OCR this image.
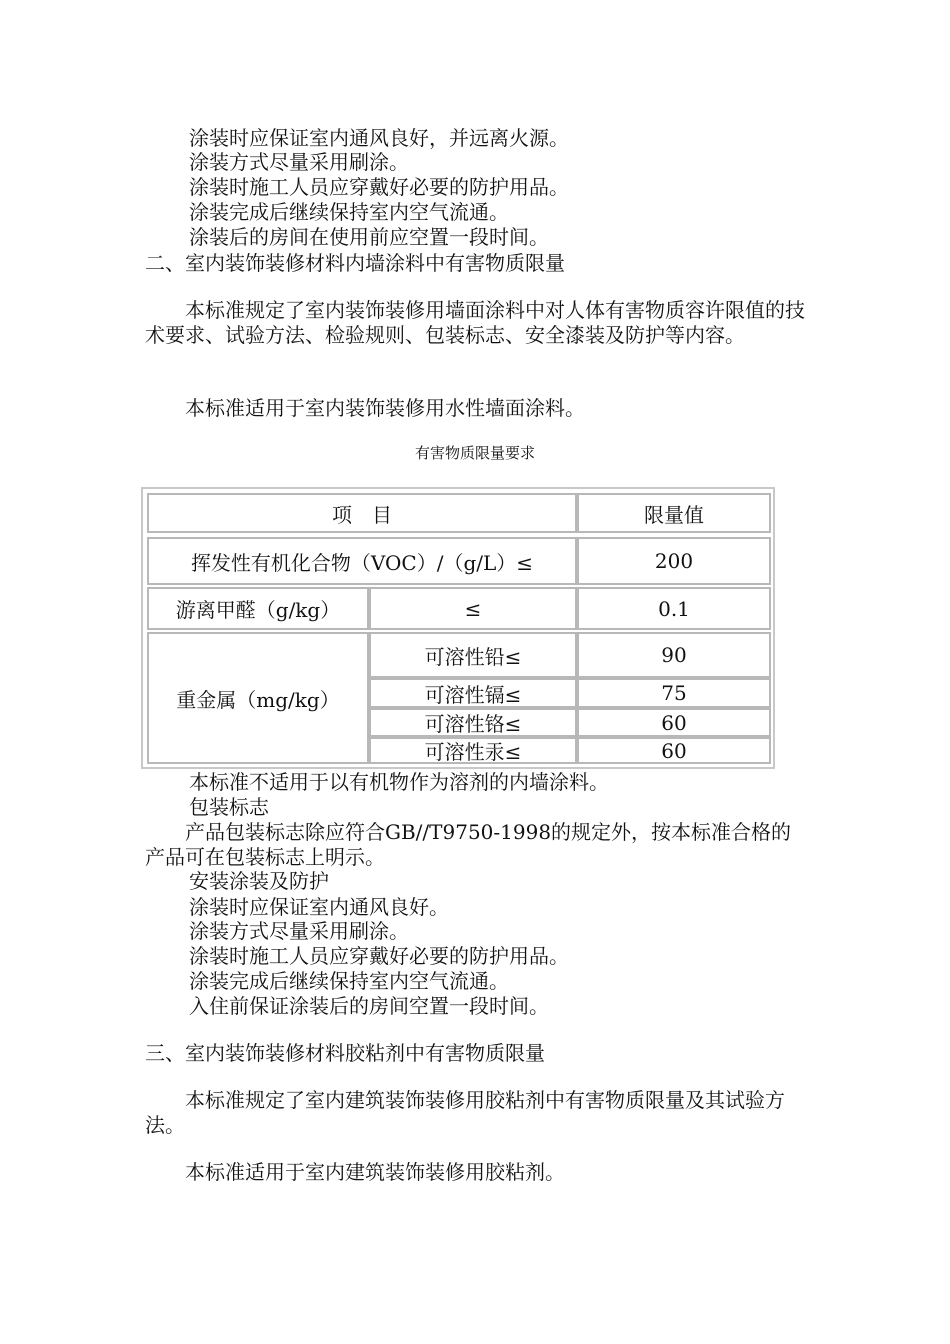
涂装时应保证室内通风良好，并远离火源。
涂装方式尽量采用刷涂。
涂装时施工人员应穿戴好必要的防护用品。
涂装完成后继续保持室内空气流通。
涂装后的房间在使用前应空置一段时间。
二、室内装饰装修材料内墙涂料中有害物质限量
　　本标准规定了室内装饰装修用墙面涂料中对人体有害物质容许限值的技术要求、试验方法、检验规则、包装标志、安全漆装及防护等内容。
　　本标准适用于室内装饰装修用水性墙面涂料。
有害物质限量要求
项　目	限量值
挥发性有机化合物（VOC）/（g/L）≤	200
游离甲醛（g/kg）	≤	0.1
重金属（mg/kg）
可溶性铅≤	90
可溶性镉≤	75
可溶性铬≤	60
可溶性汞≤	60
本标准不适用于以有机物作为溶剂的内墙涂料。
包装标志
　　产品包装标志除应符合GB//T9750-1998的规定外，按本标准合格的产品可在包装标志上明示。
安装涂装及防护
涂装时应保证室内通风良好。
涂装方式尽量采用刷涂。
涂装时施工人员应穿戴好必要的防护用品。
涂装完成后继续保持室内空气流通。
入住前保证涂装后的房间空置一段时间。
三、室内装饰装修材料胶粘剂中有害物质限量
　　本标准规定了室内建筑装饰装修用胶粘剂中有害物质限量及其试验方法。
　　本标准适用于室内建筑装饰装修用胶粘剂。
